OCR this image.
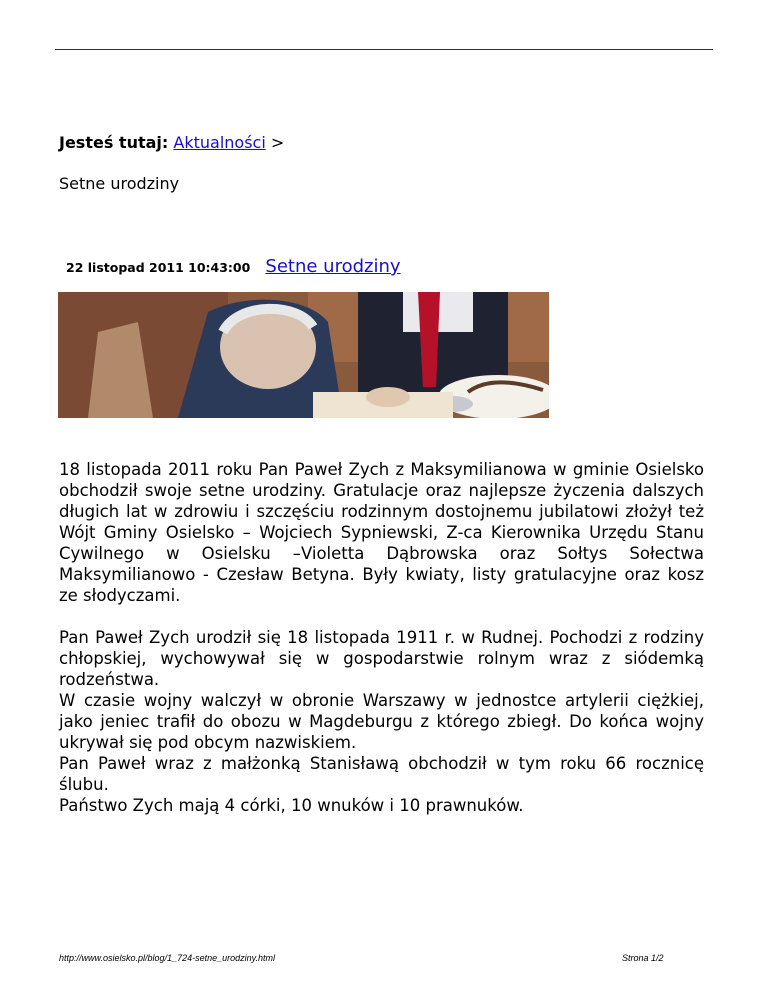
Jesteś tutaj: Aktualności >
Setne urodziny
22 listopad 2011 10:43:00 Setne urodziny

18 listopada 2011 roku Pan Paweł Zych z Maksymilianowa w gminie Osielsko obchodził swoje setne urodziny. Gratulacje oraz najlepsze życzenia dalszych długich lat w zdrowiu i szczęściu rodzinnym dostojnemu jubilatowi złożył też Wójt Gminy Osielsko – Wojciech Sypniewski, Z-ca Kierownika Urzędu Stanu Cywilnego w Osielsku –Violetta Dąbrowska oraz Sołtys Sołectwa Maksymilianowo - Czesław Betyna. Były kwiaty, listy gratulacyjne oraz kosz ze słodyczami.

Pan Paweł Zych urodził się 18 listopada 1911 r. w Rudnej. Pochodzi z rodziny chłopskiej, wychowywał się w gospodarstwie rolnym wraz z siódemką rodzeństwa.

W czasie wojny walczył w obronie Warszawy w jednostce artylerii ciężkiej, jako jeniec trafił do obozu w Magdeburgu z którego zbiegł. Do końca wojny ukrywał się pod obcym nazwiskiem.

Pan Paweł wraz z małżonką Stanisławą obchodził w tym roku 66 rocznicę ślubu.

Państwo Zych mają 4 córki, 10 wnuków i 10 prawnuków.

http://www.osielsko.pl/blog/1_724-setne_urodziny.html	Strona 1/2
